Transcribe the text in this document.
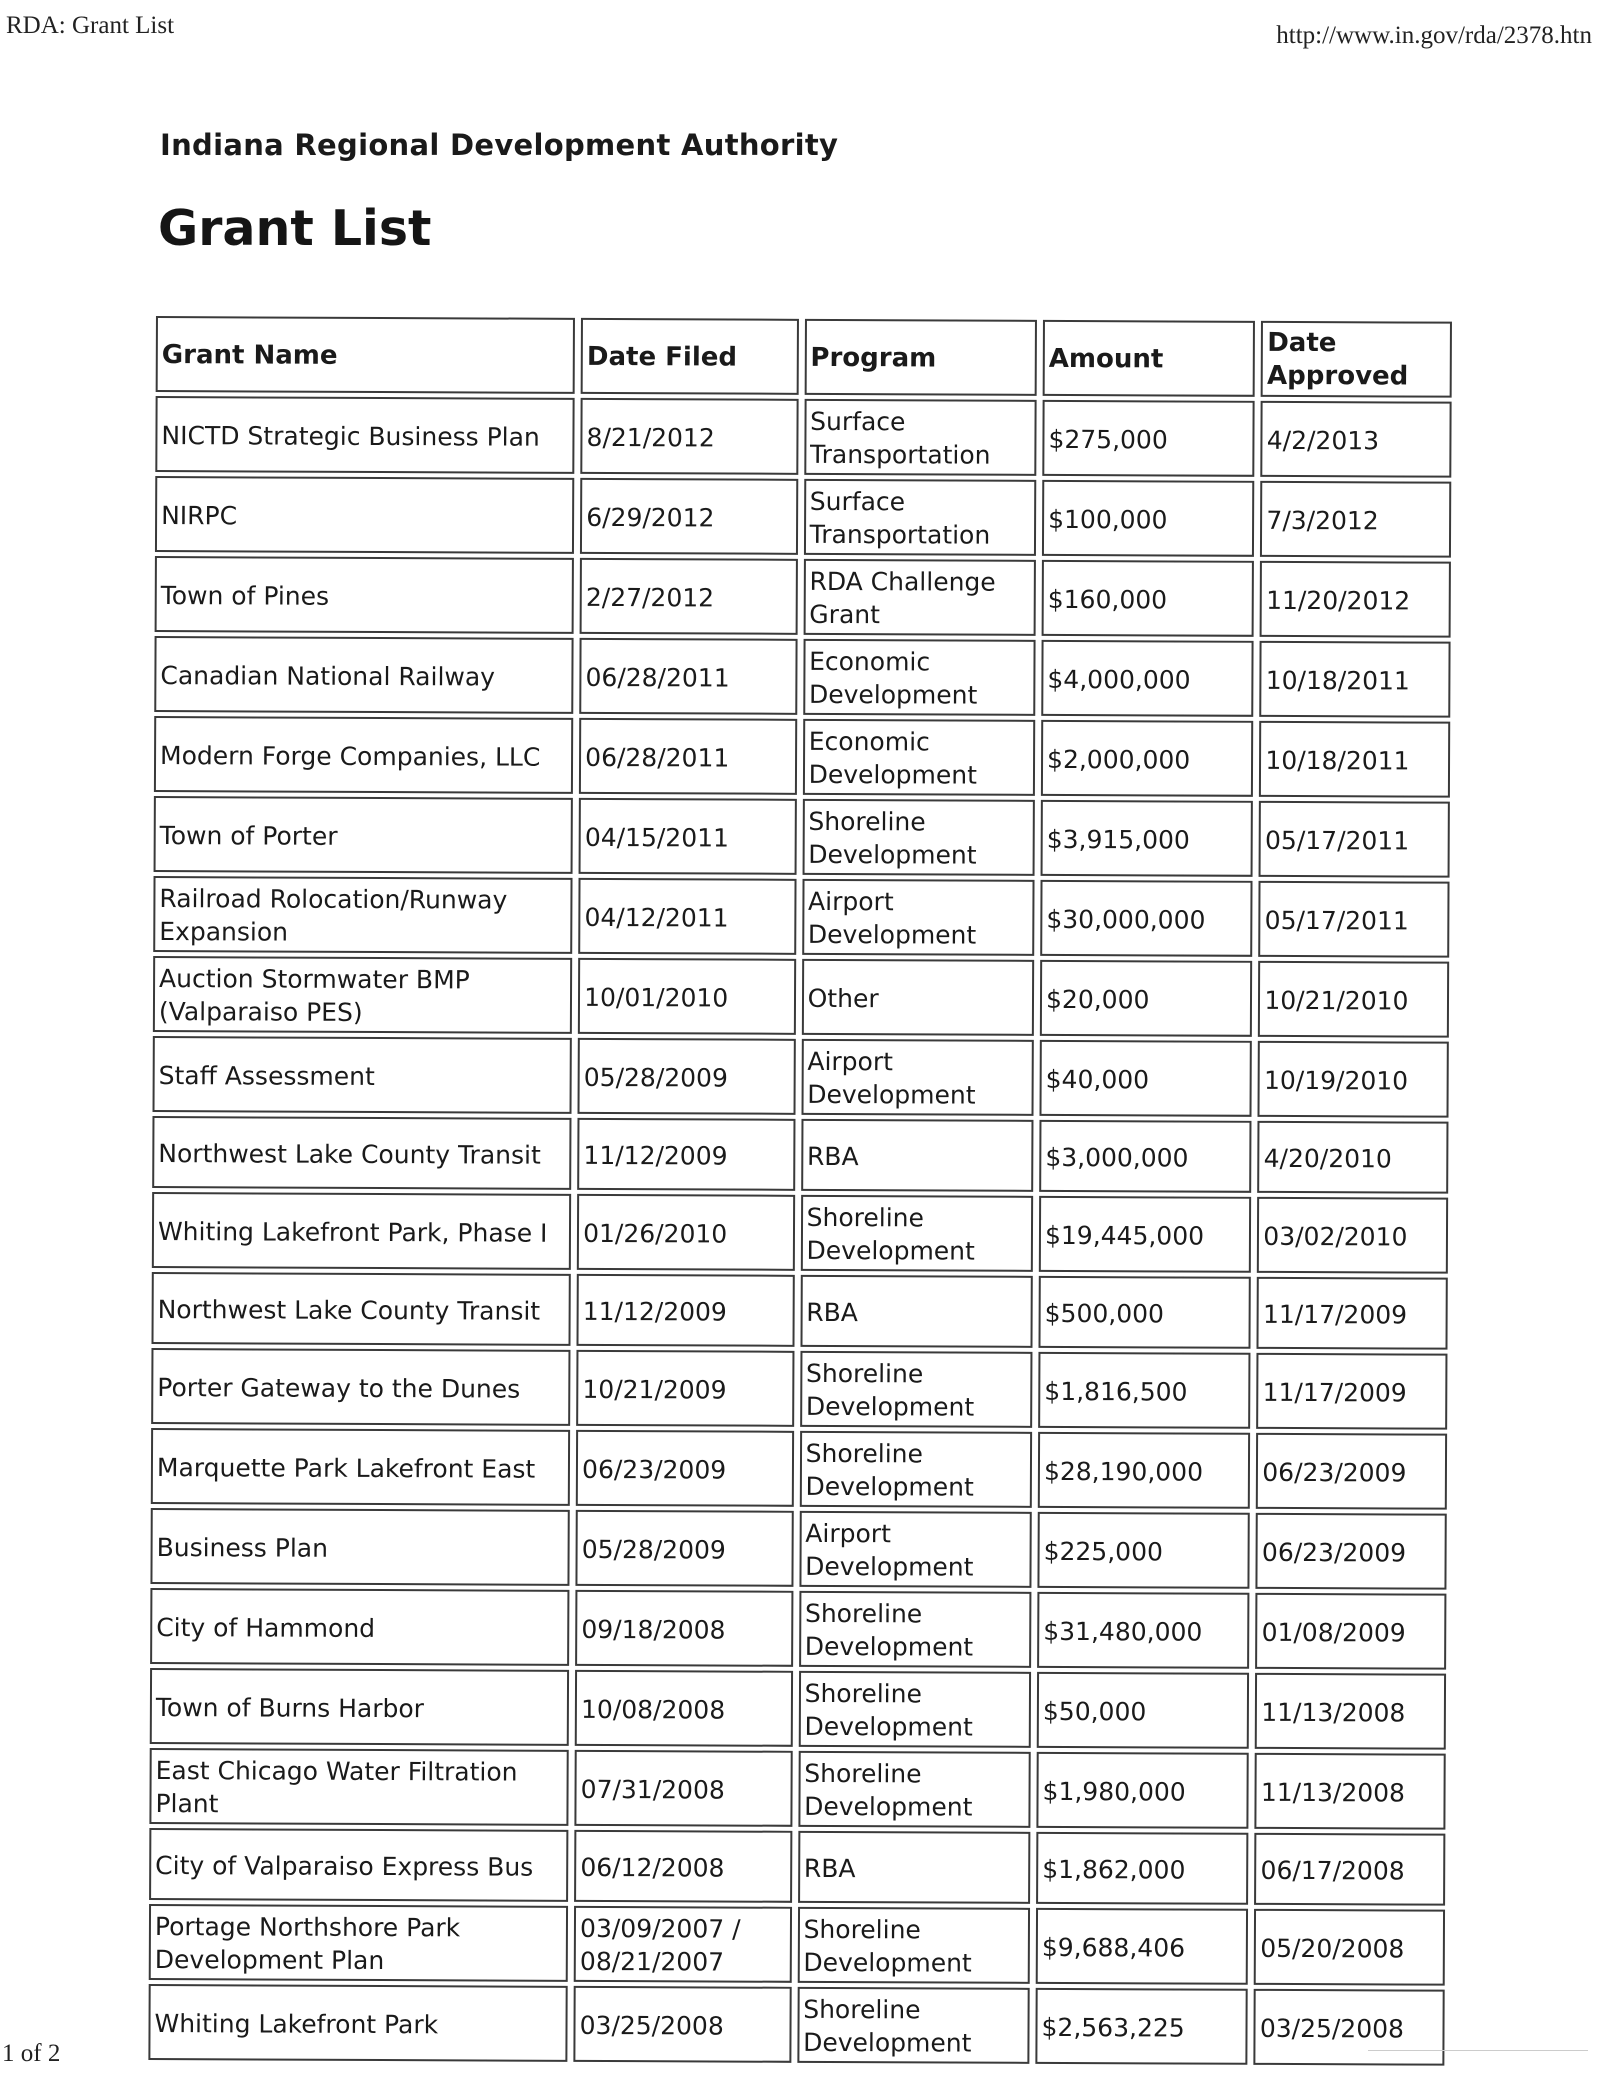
RDA: Grant List	http://www.in.gov/rda/2378.htn
Indiana Regional Development Authority
Grant List
Grant Name	Date Filed	Program	Amount	Date Approved
NICTD Strategic Business Plan	8/21/2012	Surface Transportation	$275,000	4/2/2013
NIRPC	6/29/2012	Surface Transportation	$100,000	7/3/2012
Town of Pines	2/27/2012	RDA Challenge Grant	$160,000	11/20/2012
Canadian National Railway	06/28/2011	Economic Development	$4,000,000	10/18/2011
Modern Forge Companies, LLC	06/28/2011	Economic Development	$2,000,000	10/18/2011
Town of Porter	04/15/2011	Shoreline Development	$3,915,000	05/17/2011
Railroad Rolocation/Runway Expansion	04/12/2011	Airport Development	$30,000,000	05/17/2011
Auction Stormwater BMP (Valparaiso PES)	10/01/2010	Other	$20,000	10/21/2010
Staff Assessment	05/28/2009	Airport Development	$40,000	10/19/2010
Northwest Lake County Transit	11/12/2009	RBA	$3,000,000	4/20/2010
Whiting Lakefront Park, Phase I	01/26/2010	Shoreline Development	$19,445,000	03/02/2010
Northwest Lake County Transit	11/12/2009	RBA	$500,000	11/17/2009
Porter Gateway to the Dunes	10/21/2009	Shoreline Development	$1,816,500	11/17/2009
Marquette Park Lakefront East	06/23/2009	Shoreline Development	$28,190,000	06/23/2009
Business Plan	05/28/2009	Airport Development	$225,000	06/23/2009
City of Hammond	09/18/2008	Shoreline Development	$31,480,000	01/08/2009
Town of Burns Harbor	10/08/2008	Shoreline Development	$50,000	11/13/2008
East Chicago Water Filtration Plant	07/31/2008	Shoreline Development	$1,980,000	11/13/2008
City of Valparaiso Express Bus	06/12/2008	RBA	$1,862,000	06/17/2008
Portage Northshore Park Development Plan	03/09/2007 / 08/21/2007	Shoreline Development	$9,688,406	05/20/2008
Whiting Lakefront Park	03/25/2008	Shoreline Development	$2,563,225	03/25/2008
1 of 2
